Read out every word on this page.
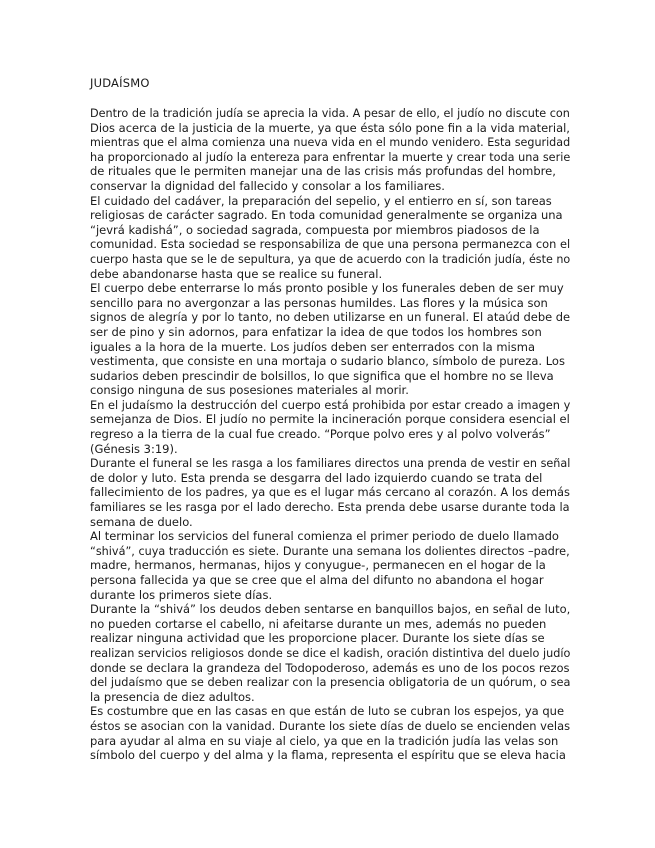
JUDAÍSMO
Dentro de la tradición judía se aprecia la vida. A pesar de ello, el judío no discute con
Dios acerca de la justicia de la muerte, ya que ésta sólo pone fin a la vida material,
mientras que el alma comienza una nueva vida en el mundo venidero. Esta seguridad
ha proporcionado al judío la entereza para enfrentar la muerte y crear toda una serie
de rituales que le permiten manejar una de las crisis más profundas del hombre,
conservar la dignidad del fallecido y consolar a los familiares.
El cuidado del cadáver, la preparación del sepelio, y el entierro en sí, son tareas
religiosas de carácter sagrado. En toda comunidad generalmente se organiza una
“jevrá kadishá”, o sociedad sagrada, compuesta por miembros piadosos de la
comunidad. Esta sociedad se responsabiliza de que una persona permanezca con el
cuerpo hasta que se le de sepultura, ya que de acuerdo con la tradición judía, éste no
debe abandonarse hasta que se realice su funeral.
El cuerpo debe enterrarse lo más pronto posible y los funerales deben de ser muy
sencillo para no avergonzar a las personas humildes. Las flores y la música son
signos de alegría y por lo tanto, no deben utilizarse en un funeral. El ataúd debe de
ser de pino y sin adornos, para enfatizar la idea de que todos los hombres son
iguales a la hora de la muerte. Los judíos deben ser enterrados con la misma
vestimenta, que consiste en una mortaja o sudario blanco, símbolo de pureza. Los
sudarios deben prescindir de bolsillos, lo que significa que el hombre no se lleva
consigo ninguna de sus posesiones materiales al morir.
En el judaísmo la destrucción del cuerpo está prohibida por estar creado a imagen y
semejanza de Dios. El judío no permite la incineración porque considera esencial el
regreso a la tierra de la cual fue creado. “Porque polvo eres y al polvo volverás”
(Génesis 3:19).
Durante el funeral se les rasga a los familiares directos una prenda de vestir en señal
de dolor y luto. Esta prenda se desgarra del lado izquierdo cuando se trata del
fallecimiento de los padres, ya que es el lugar más cercano al corazón. A los demás
familiares se les rasga por el lado derecho. Esta prenda debe usarse durante toda la
semana de duelo.
Al terminar los servicios del funeral comienza el primer periodo de duelo llamado
“shivá”, cuya traducción es siete. Durante una semana los dolientes directos –padre,
madre, hermanos, hermanas, hijos y conyugue-, permanecen en el hogar de la
persona fallecida ya que se cree que el alma del difunto no abandona el hogar
durante los primeros siete días.
Durante la “shivá” los deudos deben sentarse en banquillos bajos, en señal de luto,
no pueden cortarse el cabello, ni afeitarse durante un mes, además no pueden
realizar ninguna actividad que les proporcione placer. Durante los siete días se
realizan servicios religiosos donde se dice el kadish, oración distintiva del duelo judío
donde se declara la grandeza del Todopoderoso, además es uno de los pocos rezos
del judaísmo que se deben realizar con la presencia obligatoria de un quórum, o sea
la presencia de diez adultos.
Es costumbre que en las casas en que están de luto se cubran los espejos, ya que
éstos se asocian con la vanidad. Durante los siete días de duelo se encienden velas
para ayudar al alma en su viaje al cielo, ya que en la tradición judía las velas son
símbolo del cuerpo y del alma y la flama, representa el espíritu que se eleva hacia
